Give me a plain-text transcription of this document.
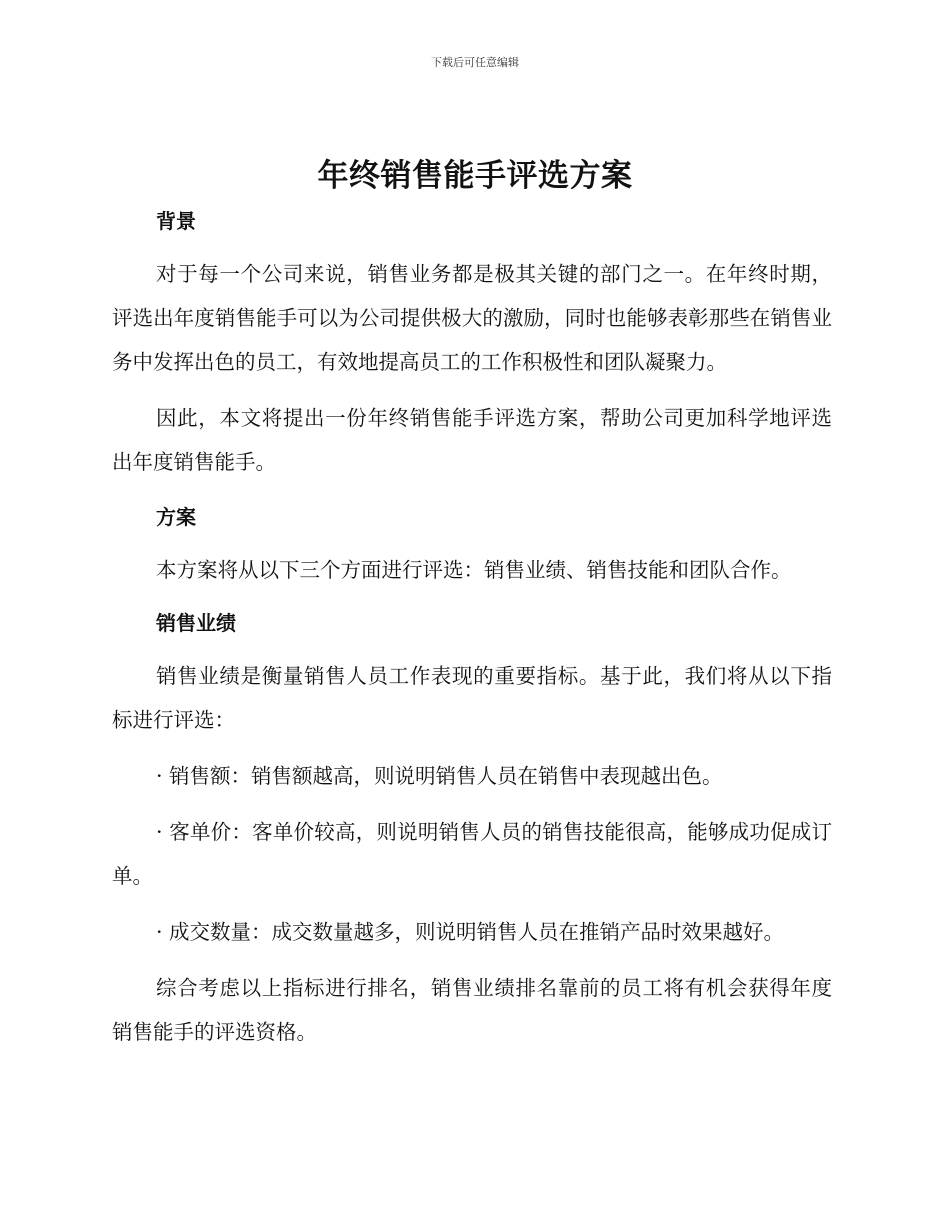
下载后可任意编辑
年终销售能手评选方案

背景

对于每一个公司来说，销售业务都是极其关键的部门之一。在年终时期，评选出年度销售能手可以为公司提供极大的激励，同时也能够表彰那些在销售业务中发挥出色的员工，有效地提高员工的工作积极性和团队凝聚力。

因此，本文将提出一份年终销售能手评选方案，帮助公司更加科学地评选出年度销售能手。

方案

本方案将从以下三个方面进行评选：销售业绩、销售技能和团队合作。

销售业绩

销售业绩是衡量销售人员工作表现的重要指标。基于此，我们将从以下指标进行评选：

· 销售额：销售额越高，则说明销售人员在销售中表现越出色。

· 客单价：客单价较高，则说明销售人员的销售技能很高，能够成功促成订单。

· 成交数量：成交数量越多，则说明销售人员在推销产品时效果越好。

综合考虑以上指标进行排名，销售业绩排名靠前的员工将有机会获得年度销售能手的评选资格。
